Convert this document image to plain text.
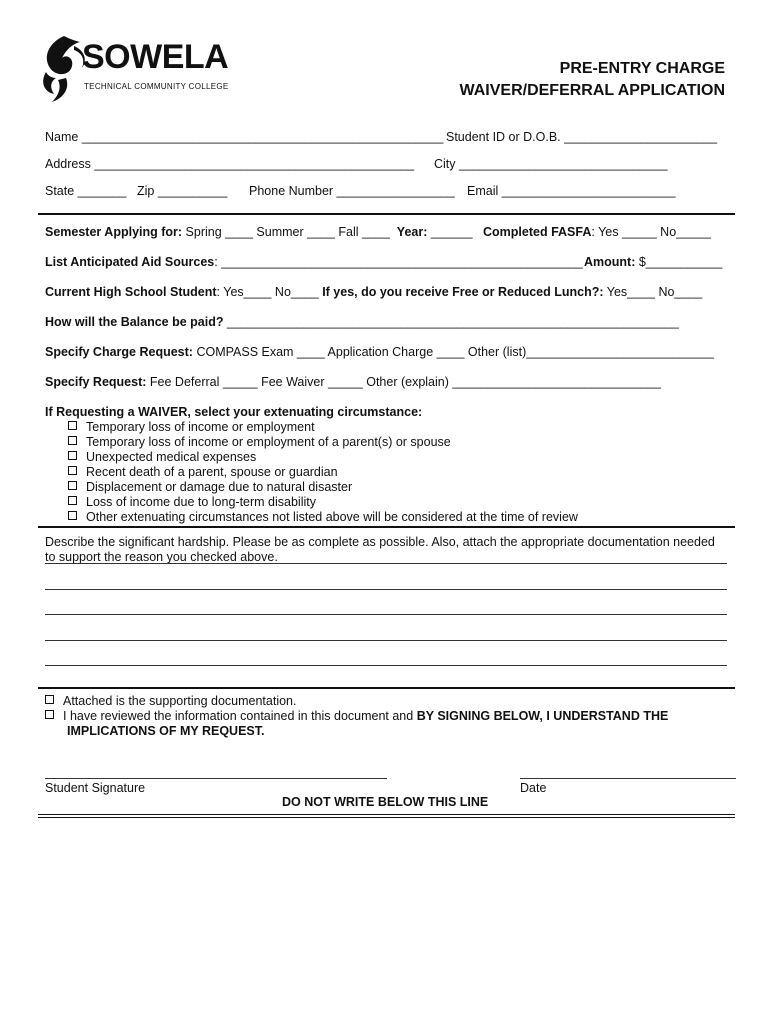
SOWELA
TECHNICAL COMMUNITY COLLEGE
PRE-ENTRY CHARGE
WAIVER/DEFERRAL APPLICATION
Name ____________________________________________________ Student ID or D.O.B. ______________________
Address ______________________________________________ City ______________________________
State _______ Zip __________ Phone Number _________________ Email _________________________
Semester Applying for: Spring ____ Summer ____ Fall ____ Year: ______ Completed FASFA: Yes _____ No_____
List Anticipated Aid Sources: ____________________________________________________ Amount: $___________
Current High School Student: Yes____ No____ If yes, do you receive Free or Reduced Lunch?: Yes____ No____
How will the Balance be paid? _________________________________________________________________
Specify Charge Request: COMPASS Exam ____ Application Charge ____ Other (list)___________________________
Specify Request: Fee Deferral _____ Fee Waiver _____ Other (explain) ______________________________
If Requesting a WAIVER, select your extenuating circumstance:
Temporary loss of income or employment
Temporary loss of income or employment of a parent(s) or spouse
Unexpected medical expenses
Recent death of a parent, spouse or guardian
Displacement or damage due to natural disaster
Loss of income due to long-term disability
Other extenuating circumstances not listed above will be considered at the time of review
Describe the significant hardship. Please be as complete as possible. Also, attach the appropriate documentation needed
to support the reason you checked above.
Attached is the supporting documentation.
I have reviewed the information contained in this document and BY SIGNING BELOW, I UNDERSTAND THE
IMPLICATIONS OF MY REQUEST.
Student Signature	Date
DO NOT WRITE BELOW THIS LINE
